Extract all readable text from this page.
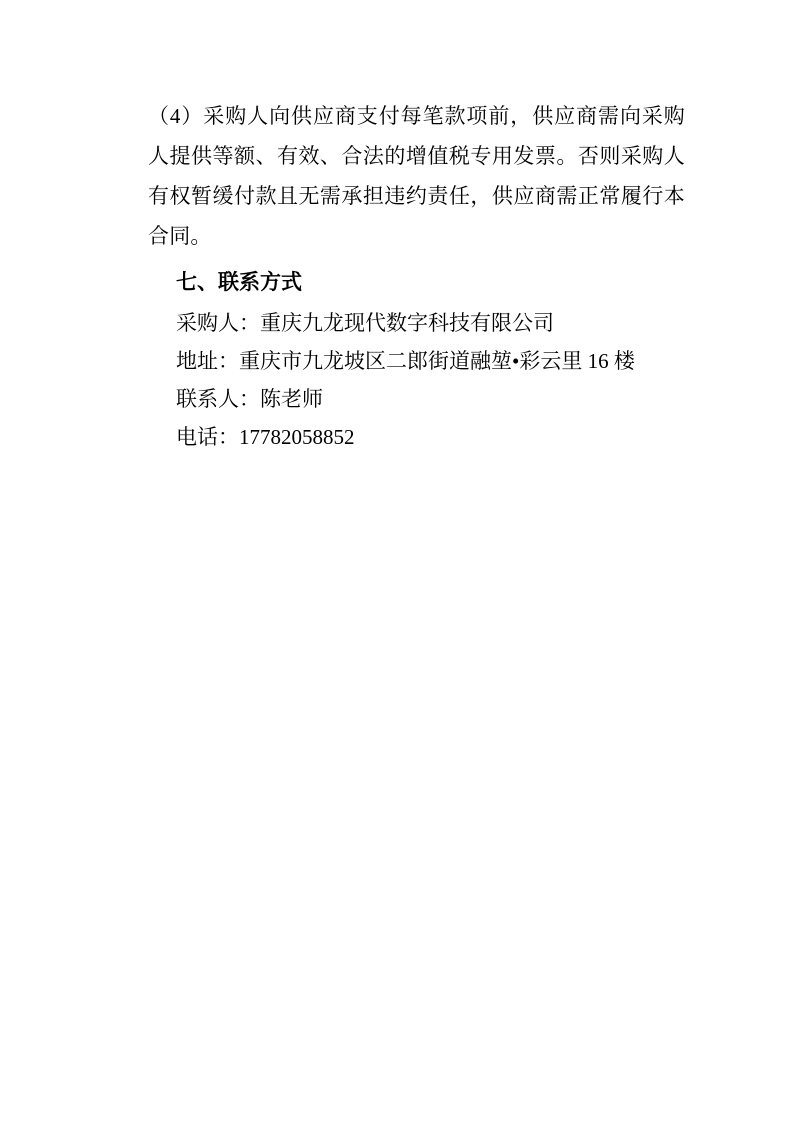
（4）采购人向供应商支付每笔款项前，供应商需向采购人提供等额、有效、合法的增值税专用发票。否则采购人有权暂缓付款且无需承担违约责任，供应商需正常履行本合同。

七、联系方式

采购人：重庆九龙现代数字科技有限公司

地址：重庆市九龙坡区二郎街道融堃•彩云里 16 楼

联系人：陈老师

电话：17782058852
